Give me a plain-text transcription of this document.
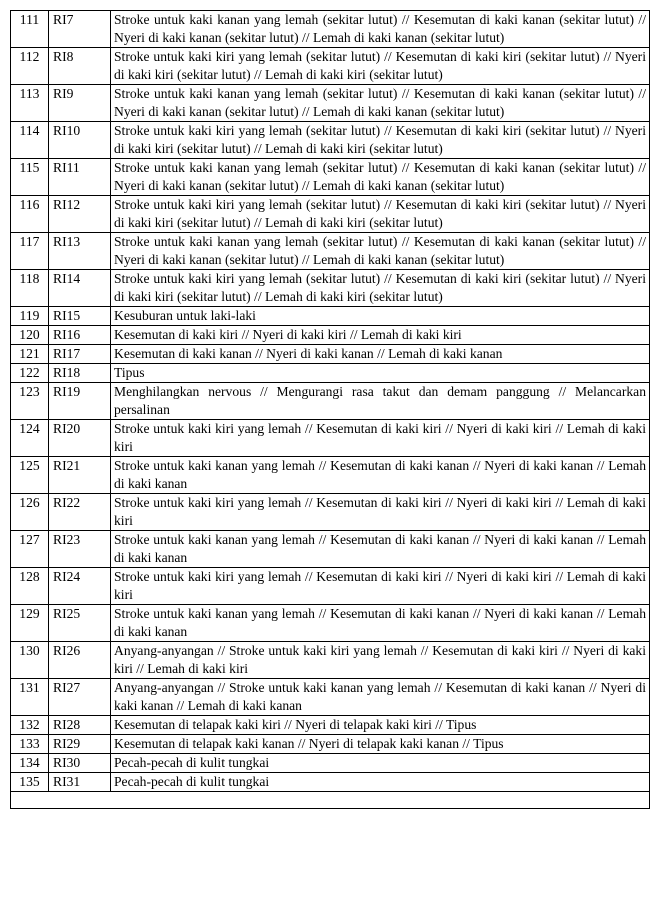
111	RI7	Stroke untuk kaki kanan yang lemah (sekitar lutut) // Kesemutan di kaki kanan (sekitar lutut) // Nyeri di kaki kanan (sekitar lutut) // Lemah di kaki kanan (sekitar lutut)
112	RI8	Stroke untuk kaki kiri yang lemah (sekitar lutut) // Kesemutan di kaki kiri (sekitar lutut) // Nyeri di kaki kiri (sekitar lutut) // Lemah di kaki kiri (sekitar lutut)
113	RI9	Stroke untuk kaki kanan yang lemah (sekitar lutut) // Kesemutan di kaki kanan (sekitar lutut) // Nyeri di kaki kanan (sekitar lutut) // Lemah di kaki kanan (sekitar lutut)
114	RI10	Stroke untuk kaki kiri yang lemah (sekitar lutut) // Kesemutan di kaki kiri (sekitar lutut) // Nyeri di kaki kiri (sekitar lutut) // Lemah di kaki kiri (sekitar lutut)
115	RI11	Stroke untuk kaki kanan yang lemah (sekitar lutut) // Kesemutan di kaki kanan (sekitar lutut) // Nyeri di kaki kanan (sekitar lutut) // Lemah di kaki kanan (sekitar lutut)
116	RI12	Stroke untuk kaki kiri yang lemah (sekitar lutut) // Kesemutan di kaki kiri (sekitar lutut) // Nyeri di kaki kiri (sekitar lutut) // Lemah di kaki kiri (sekitar lutut)
117	RI13	Stroke untuk kaki kanan yang lemah (sekitar lutut) // Kesemutan di kaki kanan (sekitar lutut) // Nyeri di kaki kanan (sekitar lutut) // Lemah di kaki kanan (sekitar lutut)
118	RI14	Stroke untuk kaki kiri yang lemah (sekitar lutut) // Kesemutan di kaki kiri (sekitar lutut) // Nyeri di kaki kiri (sekitar lutut) // Lemah di kaki kiri (sekitar lutut)
119	RI15	Kesuburan untuk laki-laki
120	RI16	Kesemutan di kaki kiri // Nyeri di kaki kiri // Lemah di kaki kiri
121	RI17	Kesemutan di kaki kanan // Nyeri di kaki kanan // Lemah di kaki kanan
122	RI18	Tipus
123	RI19	Menghilangkan nervous // Mengurangi rasa takut dan demam panggung // Melancarkan persalinan
124	RI20	Stroke untuk kaki kiri yang lemah // Kesemutan di kaki kiri // Nyeri di kaki kiri // Lemah di kaki kiri
125	RI21	Stroke untuk kaki kanan yang lemah // Kesemutan di kaki kanan // Nyeri di kaki kanan // Lemah di kaki kanan
126	RI22	Stroke untuk kaki kiri yang lemah // Kesemutan di kaki kiri // Nyeri di kaki kiri // Lemah di kaki kiri
127	RI23	Stroke untuk kaki kanan yang lemah // Kesemutan di kaki kanan // Nyeri di kaki kanan // Lemah di kaki kanan
128	RI24	Stroke untuk kaki kiri yang lemah // Kesemutan di kaki kiri // Nyeri di kaki kiri // Lemah di kaki kiri
129	RI25	Stroke untuk kaki kanan yang lemah // Kesemutan di kaki kanan // Nyeri di kaki kanan // Lemah di kaki kanan
130	RI26	Anyang-anyangan // Stroke untuk kaki kiri yang lemah // Kesemutan di kaki kiri // Nyeri di kaki kiri // Lemah di kaki kiri
131	RI27	Anyang-anyangan // Stroke untuk kaki kanan yang lemah // Kesemutan di kaki kanan // Nyeri di kaki kanan // Lemah di kaki kanan
132	RI28	Kesemutan di telapak kaki kiri // Nyeri di telapak kaki kiri // Tipus
133	RI29	Kesemutan di telapak kaki kanan // Nyeri di telapak kaki kanan // Tipus
134	RI30	Pecah-pecah di kulit tungkai
135	RI31	Pecah-pecah di kulit tungkai
